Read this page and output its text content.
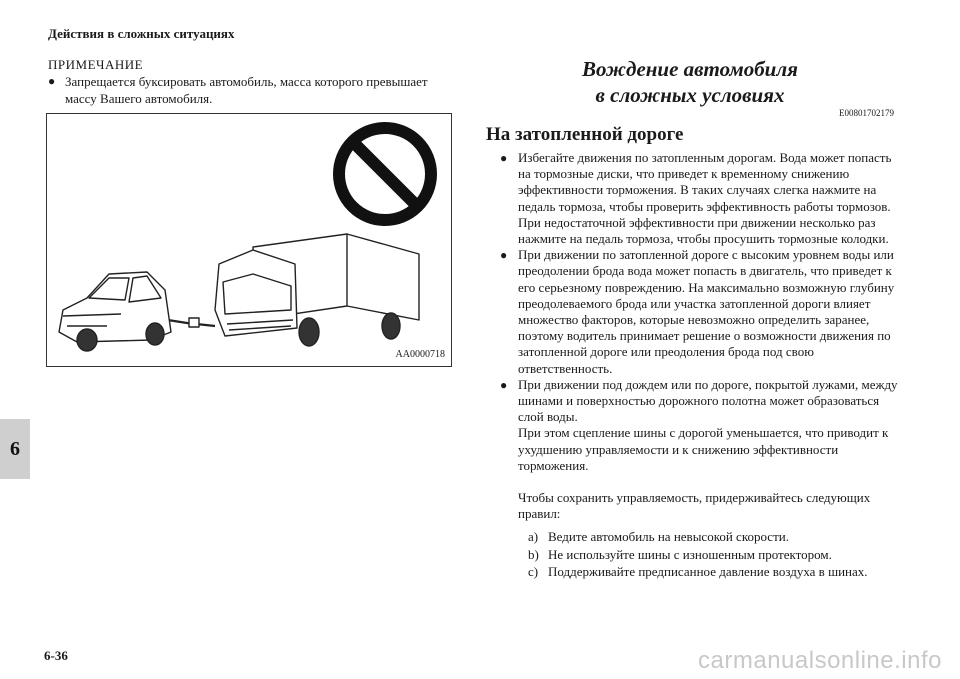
Действия в сложных ситуациях
6
ПРИМЕЧАНИЕ
● Запрещается буксировать автомобиль, масса которого превышает массу Вашего автомобиля.
AA0000718
Вождение автомобиля
в сложных условиях
E00801702179
На затопленной дороге
● Избегайте движения по затопленным дорогам. Вода может попасть на тормозные диски, что приведет к временному снижению эффективности торможения. В таких случаях слегка нажмите на педаль тормоза, чтобы проверить эффективность работы тормозов. При недостаточной эффективности при движении несколько раз нажмите на педаль тормоза, чтобы просушить тормозные колодки.
● При движении по затопленной дороге с высоким уровнем воды или преодолении брода вода может попасть в двигатель, что приведет к его серьезному повреждению. На максимально возможную глубину преодолеваемого брода или участка затопленной дороги влияет множество факторов, которые невозможно определить заранее, поэтому водитель принимает решение о возможности движения по затопленной дороге или преодоления брода под свою ответственность.
● При движении под дождем или по дороге, покрытой лужами, между шинами и поверхностью дорожного полотна может образоваться слой воды.
При этом сцепление шины с дорогой уменьшается, что приводит к ухудшению управляемости и к снижению эффективности торможения.
Чтобы сохранить управляемость, придерживайтесь следующих правил:
a) Ведите автомобиль на невысокой скорости.
b) Не используйте шины с изношенным протектором.
c) Поддерживайте предписанное давление воздуха в шинах.
6-36	carmanualsonline.info
